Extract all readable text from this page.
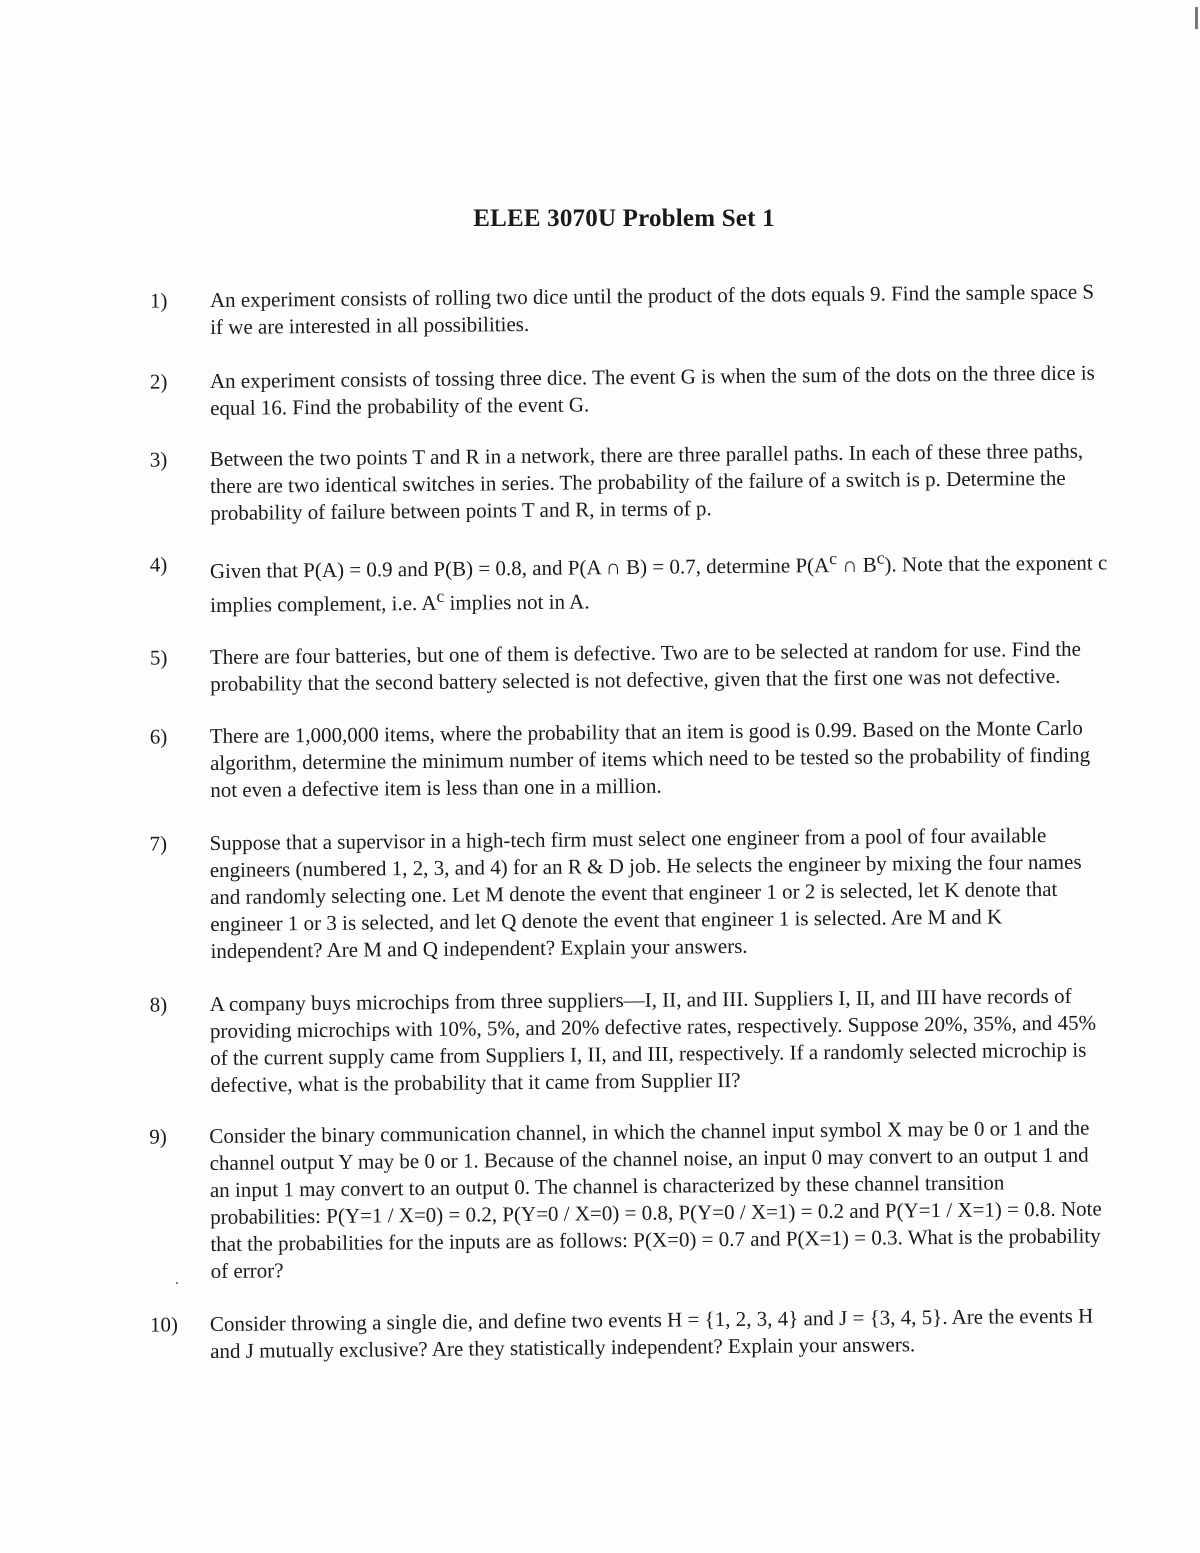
ELEE 3070U Problem Set 1
1)	An experiment consists of rolling two dice until the product of the dots equals 9. Find the sample space S if we are interested in all possibilities.
2)	An experiment consists of tossing three dice. The event G is when the sum of the dots on the three dice is equal 16. Find the probability of the event G.
3)	Between the two points T and R in a network, there are three parallel paths. In each of these three paths, there are two identical switches in series. The probability of the failure of a switch is p. Determine the probability of failure between points T and R, in terms of p.
4)	Given that P(A) = 0.9 and P(B) = 0.8, and P(A ∩ B) = 0.7, determine $P(A^c$ ∩ $B^c$). Note that the exponent c implies complement, i.e. $A^c$ implies not in A.
5)	There are four batteries, but one of them is defective. Two are to be selected at random for use. Find the probability that the second battery selected is not defective, given that the first one was not defective.
6)	There are 1,000,000 items, where the probability that an item is good is 0.99. Based on the Monte Carlo algorithm, determine the minimum number of items which need to be tested so the probability of finding not even a defective item is less than one in a million.
7)	Suppose that a supervisor in a high-tech firm must select one engineer from a pool of four available engineers (numbered 1, 2, 3, and 4) for an R & D job. He selects the engineer by mixing the four names and randomly selecting one. Let M denote the event that engineer 1 or 2 is selected, let K denote that engineer 1 or 3 is selected, and let Q denote the event that engineer 1 is selected. Are M and K independent? Are M and Q independent? Explain your answers.
8)	A company buys microchips from three suppliers—I, II, and III. Suppliers I, II, and III have records of providing microchips with 10%, 5%, and 20% defective rates, respectively. Suppose 20%, 35%, and 45% of the current supply came from Suppliers I, II, and III, respectively. If a randomly selected microchip is defective, what is the probability that it came from Supplier II?
9)	Consider the binary communication channel, in which the channel input symbol X may be 0 or 1 and the channel output Y may be 0 or 1. Because of the channel noise, an input 0 may convert to an output 1 and an input 1 may convert to an output 0. The channel is characterized by these channel transition probabilities: P(Y=1 / X=0) = 0.2, P(Y=0 / X=0) = 0.8, P(Y=0 / X=1) = 0.2 and P(Y=1 / X=1) = 0.8. Note that the probabilities for the inputs are as follows: P(X=0) = 0.7 and P(X=1) = 0.3. What is the probability of error?
10)	Consider throwing a single die, and define two events H = {1, 2, 3, 4} and J = {3, 4, 5}. Are the events H and J mutually exclusive? Are they statistically independent? Explain your answers.
